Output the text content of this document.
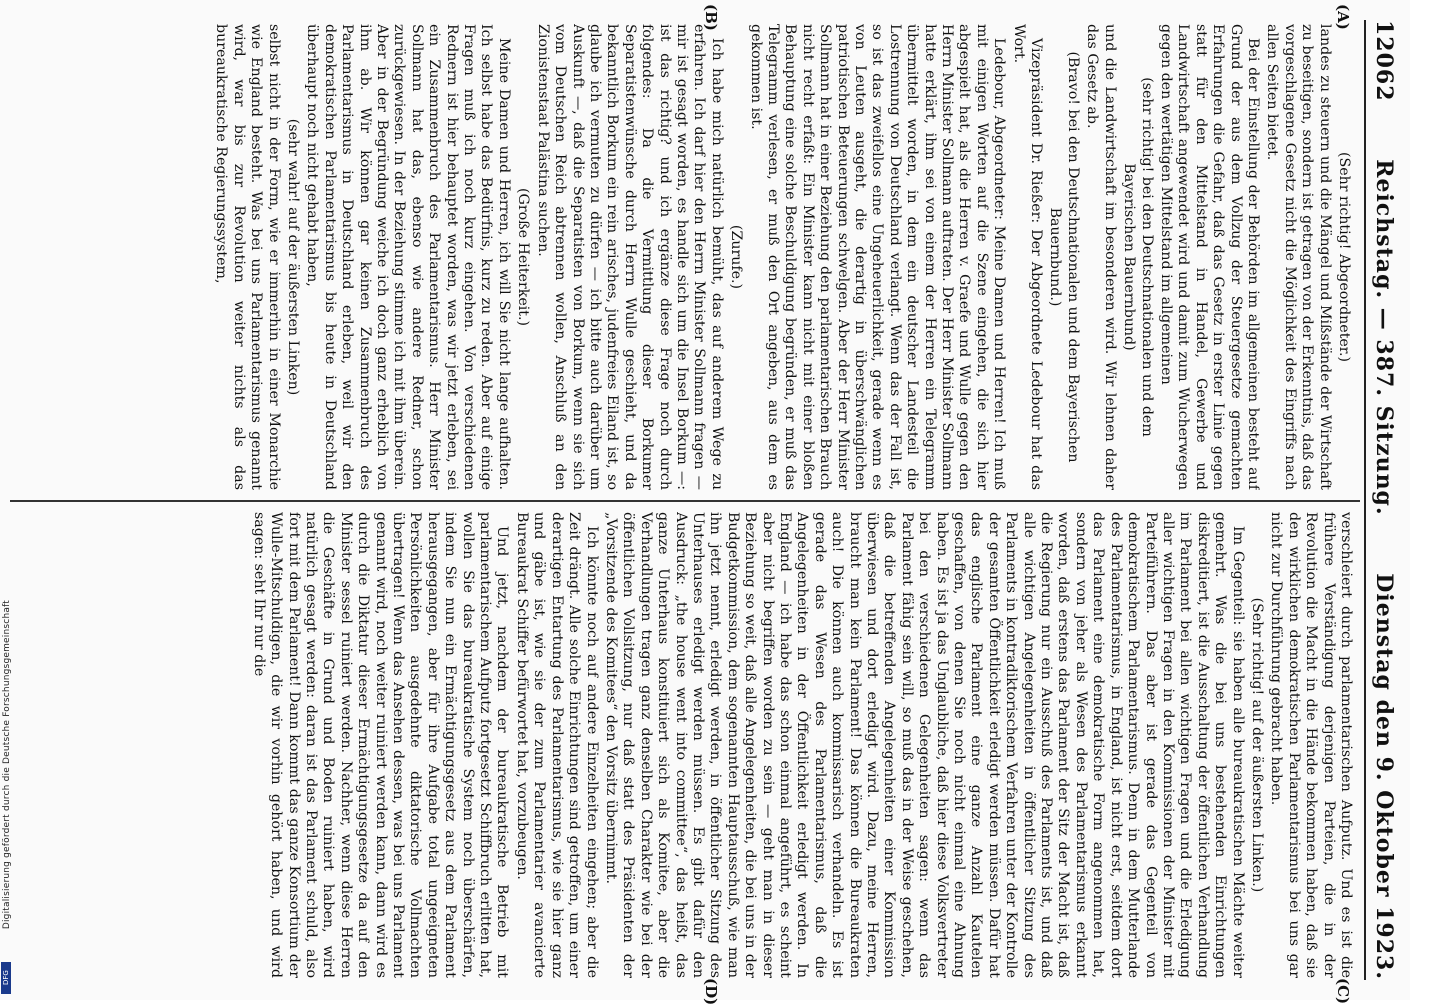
12062
Reichstag. — 387. Sitzung.
Dienstag den 9. Oktober 1923.
(A)
(B)
(C)
(D)

(Sehr richtig! Abgeordneter.)

landes zu steuern und die Mängel und Mißstände der Wirtschaft zu beseitigen, sondern ist getragen von der Erkenntnis, daß das vorgeschlagene Gesetz nicht die Möglichkeit des Eingriffs nach allen Seiten bietet.

Bei der Einstellung der Behörden im allgemeinen besteht auf Grund der aus dem Vollzug der Steuergesetze gemachten Erfahrungen die Gefahr, daß das Gesetz in erster Linie gegen statt für den Mittelstand in Handel, Gewerbe und Landwirtschaft angewendet wird und damit zum Wucherwegen gegen den wertätigen Mittelstand im allgemeinen

(sehr richtig! bei den Deutschnationalen und dem Bayerischen Bauernbund)

und die Landwirtschaft im besonderen wird. Wir lehnen daher das Gesetz ab.

(Bravo! bei den Deutschnationalen und dem Bayerischen Bauernbund.)

Vizepräsident Dr. Rießer: Der Abgeordnete Ledebour hat das Wort.

Ledebour, Abgeordneter: Meine Damen und Herren! Ich muß mit einigen Worten auf die Szene eingehen, die sich hier abgespielt hat, als die Herren v. Graefe und Wulle gegen den Herrn Minister Sollmann auftraten. Der Herr Minister Sollmann hatte erklärt, ihm sei von einem der Herren ein Telegramm übermittelt worden, in dem ein deutscher Landesteil die Lostrennung von Deutschland verlangt. Wenn das der Fall ist, so ist das zweifellos eine Ungeheuerlichkeit, gerade wenn es von Leuten ausgeht, die derartig in überschwänglichen patriotischen Beteuerungen schwelgen. Aber der Herr Minister Sollmann hat in einer Beziehung den parlamentarischen Brauch nicht recht erfaßt: Ein Minister kann nicht mit einer bloßen Behauptung eine solche Beschuldigung begründen, er muß das Telegramm verlesen, er muß den Ort angeben, aus dem es gekommen ist.

(Zurufe.)

Ich habe mich natürlich bemüht, das auf anderem Wege zu erfahren. Ich darf hier den Herrn Minister Sollmann fragen — mir ist gesagt worden, es handle sich um die Insel Borkum —: ist das richtig? und ich ergänze diese Frage noch durch folgendes: Da die Vermittlung dieser Borkumer Separatistenwünsche durch Herrn Wulle geschieht, und da bekanntlich Borkum ein rein arisches, judenfreies Eiland ist, so glaube ich vermuten zu dürfen — ich bitte auch darüber um Auskunft —, daß die Separatisten von Borkum, wenn sie sich vom Deutschen Reich abtrennen wollen, Anschluß an den Zionistenstaat Palästina suchen.

(Große Heiterkeit.)

Meine Damen und Herren, ich will Sie nicht lange aufhalten. Ich selbst habe das Bedürfnis, kurz zu reden. Aber auf einige Fragen muß ich noch kurz eingehen. Von verschiedenen Rednern ist hier behauptet worden, was wir jetzt erleben, sei ein Zusammenbruch des Parlamentarismus. Herr Minister Sollmann hat das, ebenso wie andere Redner, schon zurückgewiesen. In der Beziehung stimme ich mit ihm überein. Aber in der Begründung weiche ich doch ganz erheblich von ihm ab. Wir können gar keinen Zusammenbruch des Parlamentarismus in Deutschland erleben, weil wir den demokratischen Parlamentarismus bis heute in Deutschland überhaupt noch nicht gehabt haben,

(sehr wahr! auf der äußersten Linken)

selbst nicht in der Form, wie er immerhin in einer Monarchie wie England besteht. Was bei uns Parlamentarismus genannt wird, war bis zur Revolution weiter nichts als das bureaukratische Regierungssystem,

verschleiert durch parlamentarischen Aufputz. Und es ist die frühere Verständigung derjenigen Parteien, die in der Revolution die Macht in die Hände bekommen haben, daß sie den wirklichen demokratischen Parlamentarismus bei uns gar nicht zur Durchführung gebracht haben.

(Sehr richtig! auf der äußersten Linken.)

Im Gegenteil: sie haben alle bureaukratischen Mächte weiter gemehrt. Was die bei uns bestehenden Einrichtungen diskreditiert, ist die Ausschaltung der öffentlichen Verhandlung im Parlament bei allen wichtigen Fragen und die Erledigung aller wichtigen Fragen in den Kommissionen der Minister mit Parteiführern. Das aber ist gerade das Gegenteil von demokratischem Parlamentarismus. Denn in dem Mutterlande des Parlamentarismus, in England, ist nicht erst, seitdem dort das Parlament eine demokratische Form angenommen hat, sondern von jeher als Wesen des Parlamentarismus erkannt worden, daß erstens das Parlament der Sitz der Macht ist, daß die Regierung nur ein Ausschuß des Parlaments ist, und daß alle wichtigen Angelegenheiten in öffentlicher Sitzung des Parlaments in kontradiktorischem Verfahren unter der Kontrolle der gesamten Öffentlichkeit erledigt werden müssen. Dafür hat das englische Parlament eine ganze Anzahl Kautelen geschaffen, von denen Sie noch nicht einmal eine Ahnung haben. Es ist ja das Unglaubliche, daß hier diese Volksvertreter bei den verschiedenen Gelegenheiten sagen: wenn das Parlament fähig sein will, so muß das in der Weise geschehen, daß die betreffenden Angelegenheiten einer Kommission überwiesen und dort erledigt wird. Dazu, meine Herren, braucht man kein Parlament! Das können die Bureaukraten auch! Die können auch kommissarisch verhandeln. Es ist gerade das Wesen des Parlamentarismus, daß die Angelegenheiten in der Öffentlichkeit erledigt werden. In England — ich habe das schon einmal angeführt, es scheint aber nicht begriffen worden zu sein — geht man in dieser Beziehung so weit, daß alle Angelegenheiten, die bei uns in der Budgetkommission, dem sogenannten Hauptausschuß, wie man ihn jetzt nennt, erledigt werden, in öffentlicher Sitzung des Unterhauses erledigt werden müssen. Es gibt dafür den Ausdruck: „the house went into committee“, das heißt, das ganze Unterhaus konstituiert sich als Komitee, aber die Verhandlungen tragen ganz denselben Charakter wie bei der öffentlichen Vollsitzung, nur daß statt des Präsidenten der „Vorsitzende des Komitees“ den Vorsitz übernimmt.

Ich könnte noch auf andere Einzelheiten eingehen; aber die Zeit drängt. Alle solche Einrichtungen sind getroffen, um einer derartigen Entartung des Parlamentarismus, wie sie hier ganz und gäbe ist, wie sie der zum Parlamentarier avancierte Bureaukrat Schiffer befürwortet hat, vorzubeugen.

Und jetzt, nachdem der bureaukratische Betrieb mit parlamentarischem Aufputz fortgesetzt Schiffbruch erlitten hat, wollen Sie das bureaukratische System noch überschärfen, indem Sie nun ein Ermächtigungsgesetz aus dem Parlament herausgegangen, aber für ihre Aufgabe total ungeeigneten Persönlichkeiten ausgedehnte diktatorische Vollmachten übertragen! Wenn das Ansehen dessen, was bei uns Parlament genannt wird, noch weiter ruiniert werden kann, dann wird es durch die Diktatur dieser Ermächtigungsgesetze da auf den Minister sessel ruiniert werden. Nachher, wenn diese Herren die Geschäfte in Grund und Boden ruiniert haben, wird natürlich gesagt werden: daran ist das Parlament schuld, also fort mit dem Parlament! Dann kommt das ganze Konsortium der Wulle-Mitschuldigen, die wir vorhin gehört haben, und wird sagen: seht Ihr nur die

Digitalisierung gefördert durch die Deutsche Forschungsgemeinschaft
DFG
